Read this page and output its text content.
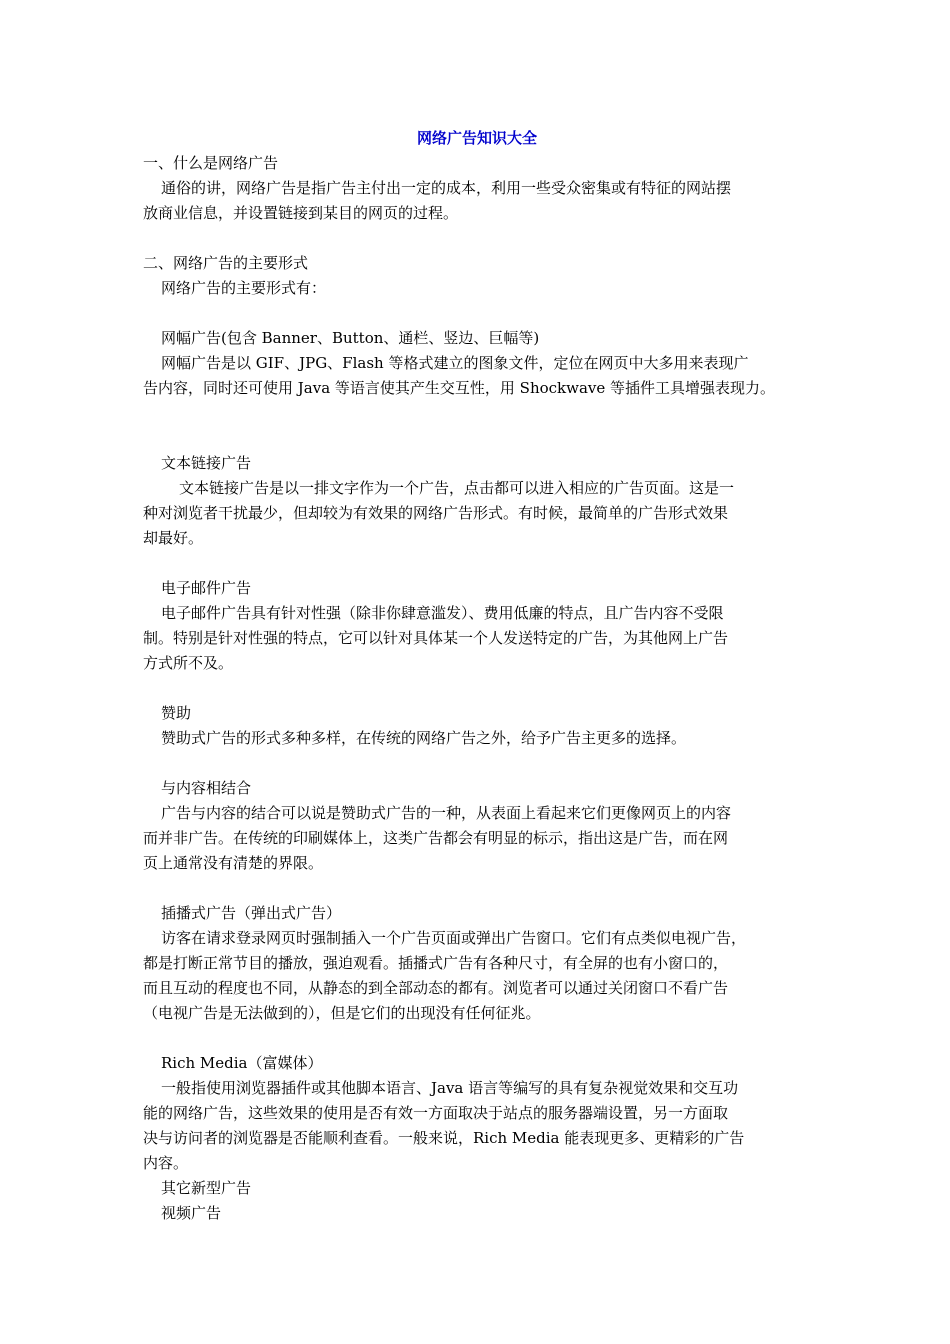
网络广告知识大全

一、什么是网络广告

通俗的讲，网络广告是指广告主付出一定的成本，利用一些受众密集或有特征的网站摆

放商业信息，并设置链接到某目的网页的过程。

二、网络广告的主要形式

网络广告的主要形式有：

网幅广告(包含 Banner、Button、通栏、竖边、巨幅等)

网幅广告是以 GIF、JPG、Flash 等格式建立的图象文件，定位在网页中大多用来表现广

告内容，同时还可使用 Java 等语言使其产生交互性，用 Shockwave 等插件工具增强表现力。

文本链接广告

文本链接广告是以一排文字作为一个广告，点击都可以进入相应的广告页面。这是一

种对浏览者干扰最少，但却较为有效果的网络广告形式。有时候，最简单的广告形式效果

却最好。

电子邮件广告

电子邮件广告具有针对性强（除非你肆意滥发）、费用低廉的特点，且广告内容不受限

制。特别是针对性强的特点，它可以针对具体某一个人发送特定的广告，为其他网上广告

方式所不及。

赞助

赞助式广告的形式多种多样，在传统的网络广告之外，给予广告主更多的选择。

与内容相结合

广告与内容的结合可以说是赞助式广告的一种，从表面上看起来它们更像网页上的内容

而并非广告。在传统的印刷媒体上，这类广告都会有明显的标示，指出这是广告，而在网

页上通常没有清楚的界限。

插播式广告（弹出式广告）

访客在请求登录网页时强制插入一个广告页面或弹出广告窗口。它们有点类似电视广告，

都是打断正常节目的播放，强迫观看。插播式广告有各种尺寸，有全屏的也有小窗口的，

而且互动的程度也不同，从静态的到全部动态的都有。浏览者可以通过关闭窗口不看广告

（电视广告是无法做到的），但是它们的出现没有任何征兆。

Rich Media（富媒体）

一般指使用浏览器插件或其他脚本语言、Java 语言等编写的具有复杂视觉效果和交互功

能的网络广告，这些效果的使用是否有效一方面取决于站点的服务器端设置，另一方面取

决与访问者的浏览器是否能顺利查看。一般来说，Rich Media 能表现更多、更精彩的广告

内容。

其它新型广告

视频广告
